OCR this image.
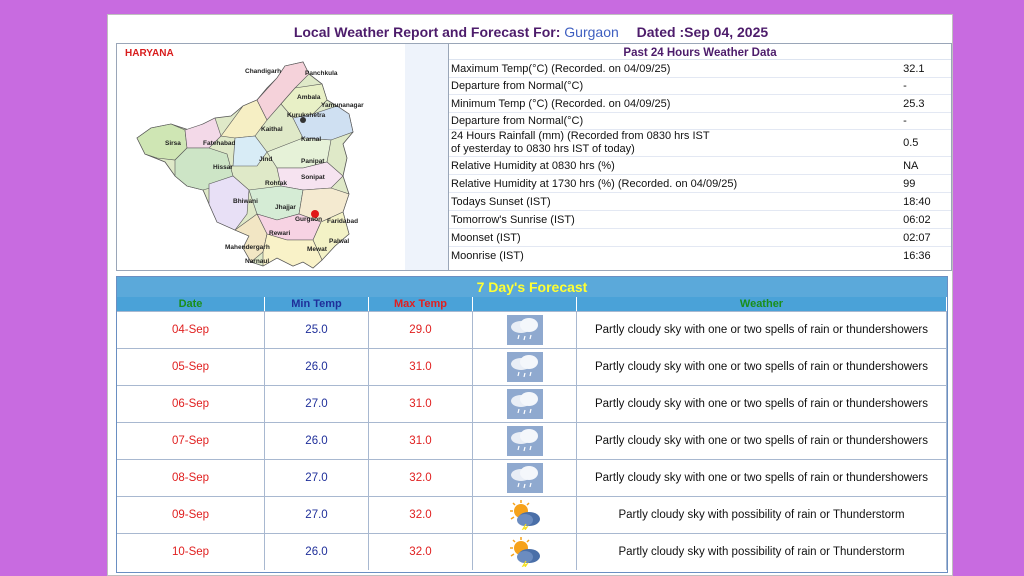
Local Weather Report and Forecast For: Gurgaon Dated :Sep 04, 2025
HARYANA
Chandigarh	Panchkula
Ambala
Yamunanagar
Kurukshetra
Kaithal
Karnal
Sirsa	Fatehabad
Hissar
Jind	Panipat
Sonipat
Rohtak
Bhiwani
Jhajjar
Gurgaon Faridabad
Rewari
Palwal
Mewat
Mahendergarh
Narnaul
Past 24 Hours Weather Data
Maximum Temp(°C) (Recorded. on 04/09/25)	32.1
Departure from Normal(°C)	-
Minimum Temp (°C) (Recorded. on 04/09/25)	25.3
Departure from Normal(°C)	-
24 Hours Rainfall (mm) (Recorded from 0830 hrs IST
of yesterday to 0830 hrs IST of today)	0.5
Relative Humidity at 0830 hrs (%)	NA
Relative Humidity at 1730 hrs (%) (Recorded. on 04/09/25)	99
Todays Sunset (IST)	18:40
Tomorrow's Sunrise (IST)	06:02
Moonset (IST)	02:07
Moonrise (IST)	16:36
7 Day's Forecast
Date	Min Temp	Max Temp	Weather
04-Sep	25.0	29.0	Partly cloudy sky with one or two spells of rain or thundershowers
05-Sep	26.0	31.0	Partly cloudy sky with one or two spells of rain or thundershowers
06-Sep	27.0	31.0	Partly cloudy sky with one or two spells of rain or thundershowers
07-Sep	26.0	31.0	Partly cloudy sky with one or two spells of rain or thundershowers
08-Sep	27.0	32.0	Partly cloudy sky with one or two spells of rain or thundershowers
09-Sep	27.0	32.0	Partly cloudy sky with possibility of rain or Thunderstorm
10-Sep	26.0	32.0	Partly cloudy sky with possibility of rain or Thunderstorm
